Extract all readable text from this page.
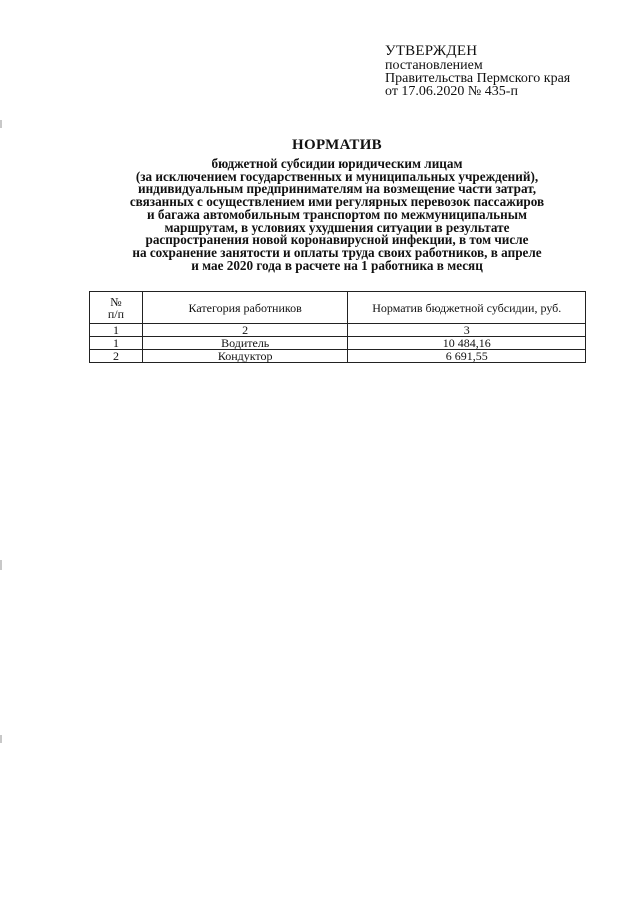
УТВЕРЖДЕН
постановлением
Правительства Пермского края
от 17.06.2020 № 435-п
НОРМАТИВ
бюджетной субсидии юридическим лицам
(за исключением государственных и муниципальных учреждений),
индивидуальным предпринимателям на возмещение части затрат,
связанных с осуществлением ими регулярных перевозок пассажиров
и багажа автомобильным транспортом по межмуниципальным
маршрутам, в условиях ухудшения ситуации в результате
распространения новой коронавирусной инфекции, в том числе
на сохранение занятости и оплаты труда своих работников, в апреле
и мае 2020 года в расчете на 1 работника в месяц
№
п/п	Категория работников	Норматив бюджетной субсидии, руб.
1	2	3
1	Водитель	10 484,16
2	Кондуктор	6 691,55
